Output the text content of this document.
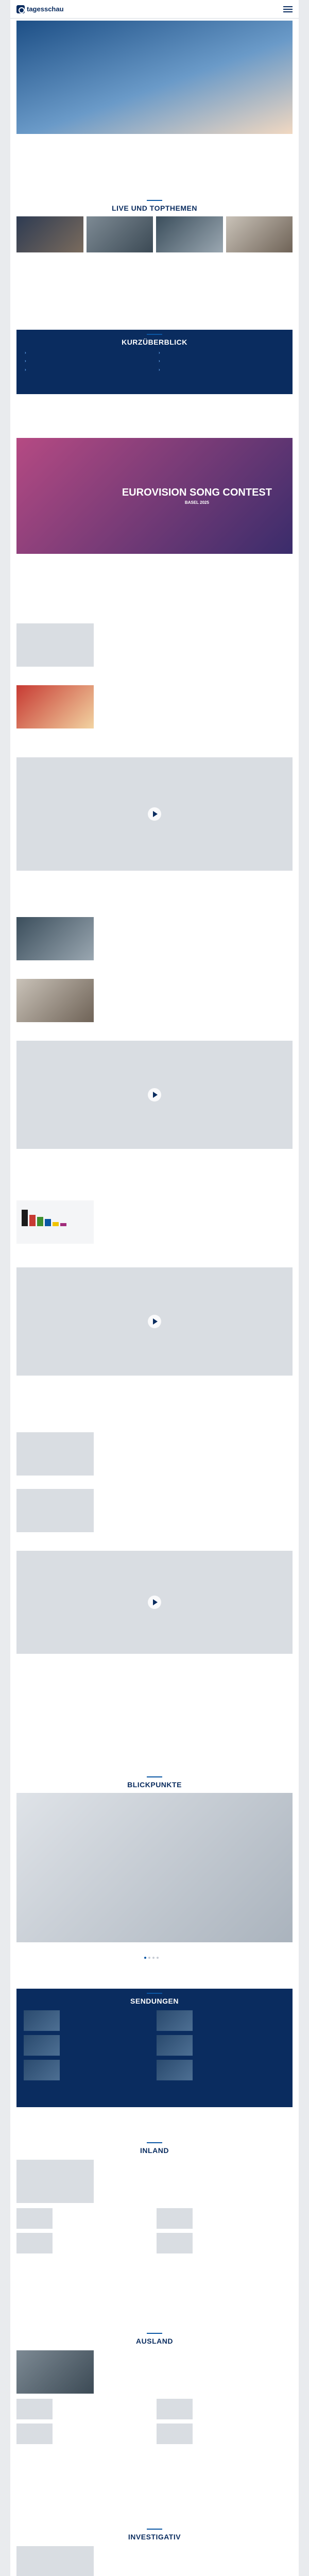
tagesschau
LIVE UND TOPTHEMEN
KURZÜBERBLICK
›
›
›
›
›
›
EUROVISION SONG CONTEST
BASEL 2025
BLICKPUNKTE
SENDUNGEN
INLAND
AUSLAND
INVESTIGATIV
